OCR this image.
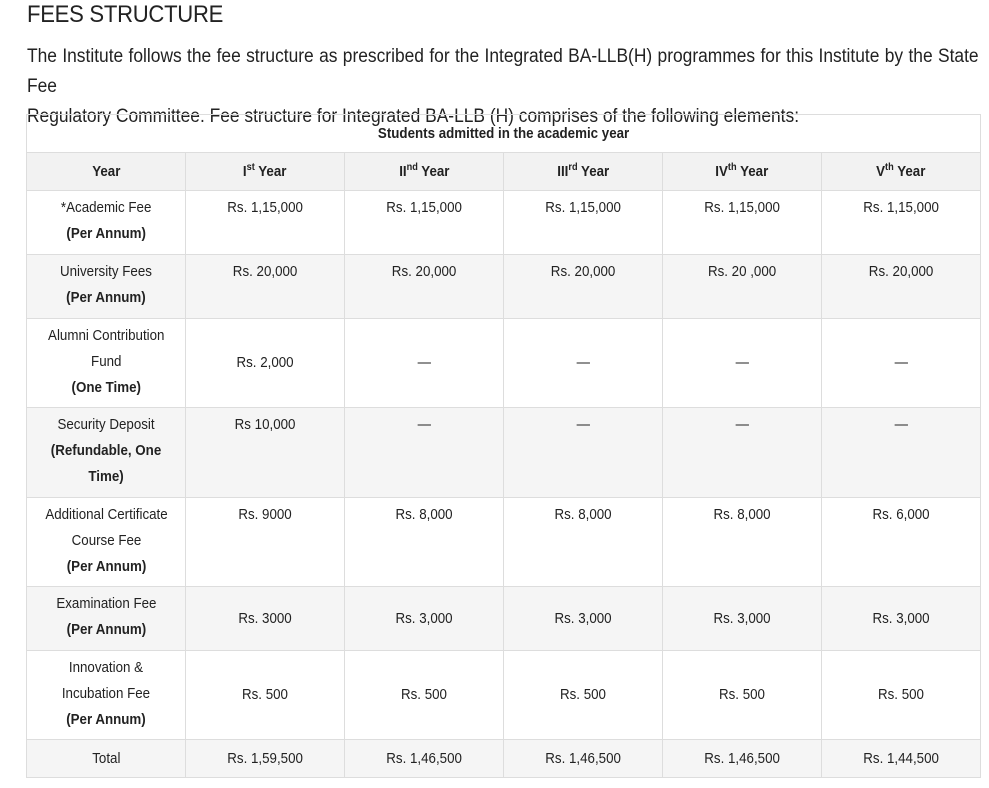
FEES STRUCTURE

The Institute follows the fee structure as prescribed for the Integrated BA-LLB(H) programmes for this Institute by the State Fee
Regulatory Committee. Fee structure for Integrated BA-LLB (H) comprises of the following elements:

Students admitted in the academic year					
Year	Ist Year	IInd Year	IIIrd Year	IVth Year	Vth Year
*Academic Fee
(Per Annum)	Rs. 1,15,000	Rs. 1,15,000	Rs. 1,15,000	Rs. 1,15,000	Rs. 1,15,000
University Fees
(Per Annum)	Rs. 20,000	Rs. 20,000	Rs. 20,000	Rs. 20 ,000	Rs. 20,000

Alumni Contribution
Fund
(One Time)	Rs. 2,000	—	—	—	—

Security Deposit
(Refundable, One
Time)	Rs 10,000	—	—	—	—

Additional Certificate
Course Fee
(Per Annum)	Rs. 9000	Rs. 8,000	Rs. 8,000	Rs. 8,000	Rs. 6,000
Examination Fee
(Per Annum)	Rs. 3000	Rs. 3,000	Rs. 3,000	Rs. 3,000	Rs. 3,000

Innovation &
Incubation Fee
(Per Annum)	Rs. 500	Rs. 500	Rs. 500	Rs. 500	Rs. 500
Total	Rs. 1,59,500	Rs. 1,46,500	Rs. 1,46,500	Rs. 1,46,500	Rs. 1,44,500
